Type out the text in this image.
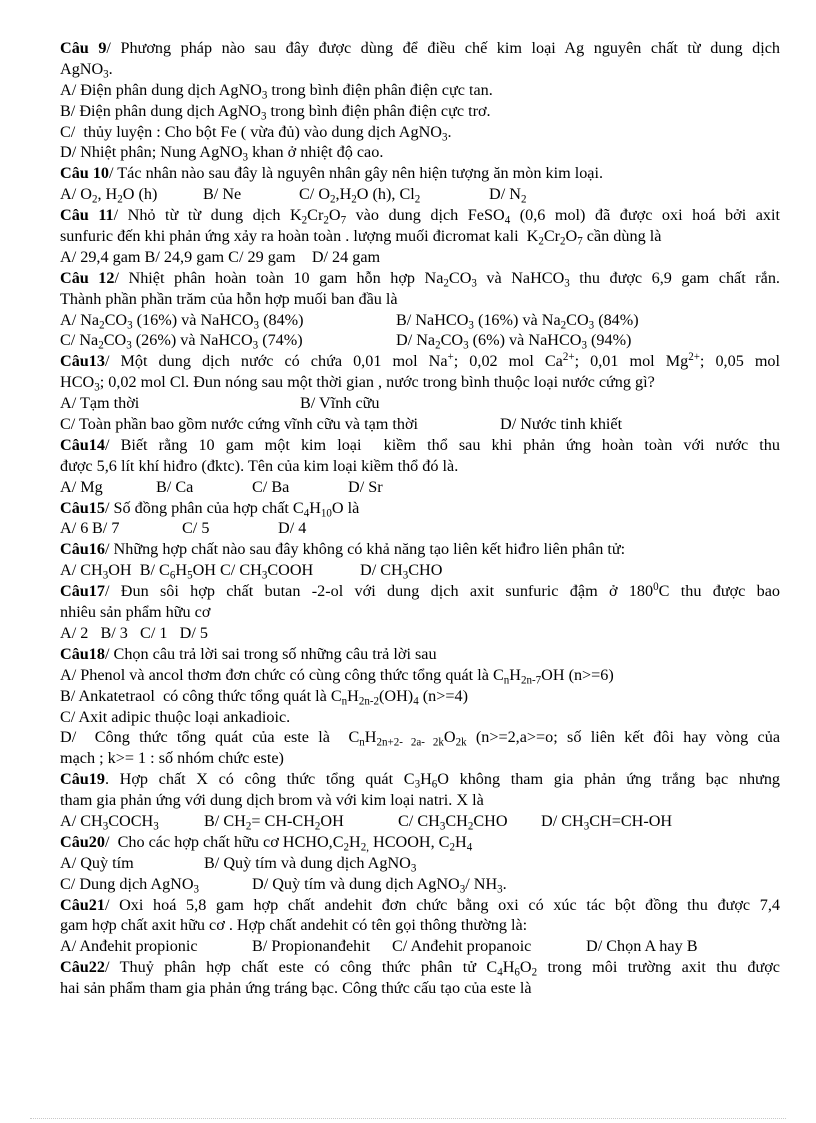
Câu 9/ Phương pháp nào sau đây được dùng để điều chế kim loại Ag nguyên chất từ dung dịch
AgNO$_3$.
A/ Điện phân dung dịch AgNO$_3$ trong bình điện phân điện cực tan.
B/ Điện phân dung dịch AgNO$_3$ trong bình điện phân điện cực trơ.
C/  thủy luyện : Cho bột Fe ( vừa đủ) vào dung dịch AgNO$_3$.
D/ Nhiệt phân; Nung AgNO$_3$ khan ở nhiệt độ cao.
Câu 10/ Tác nhân nào sau đây là nguyên nhân gây nên hiện tượng ăn mòn kim loại.
A/ $O_2$, $H_2O$ (h)	B/ Ne	C/ $O_2,H_2O$ (h), $Cl_2$	D/ $N_2$
Câu 11/ Nhỏ từ từ dung dịch $K_2Cr_2O_7$ vào dung dịch FeSO$_4$ (0,6 mol) đã được oxi hoá bởi axit
sunfuric đến khi phản ứng xảy ra hoàn toàn . lượng muối đicromat kali  $K_2Cr_2O_7$ cần dùng là
A/ 29,4 gam B/ 24,9 gam C/ 29 gam D/ 24 gam
Câu 12/ Nhiệt phân hoàn toàn 10 gam hỗn hợp $Na_2CO_3$ và NaHCO$_3$ thu được 6,9 gam chất rắn.
Thành phần phần trăm của hỗn hợp muối ban đầu là
A/ $Na_2CO_3$ (16%) và NaHCO$_3$ (84%)	B/ NaHCO$_3$ (16%) và $Na_2CO_3$ (84%)
C/ $Na_2CO_3$ (26%) và NaHCO$_3$ (74%)	D/ $Na_2CO_3$ (6%) và NaHCO$_3$ (94%)
Câu13/ Một dung dịch nước có chứa 0,01 mol Na+; 0,02 mol $Ca^{2+}$; 0,01 mol $Mg^{2+}$; 0,05 mol
$HCO_3$; 0,02 mol Cl. Đun nóng sau một thời gian , nước trong bình thuộc loại nước cứng gì?
A/ Tạm thời	B/ Vĩnh cữu
C/ Toàn phần bao gồm nước cứng vĩnh cữu và tạm thời	D/ Nước tinh khiết
Câu14/ Biết rằng 10 gam một kim loại  kiềm thổ sau khi phản ứng hoàn toàn với nước thu
được 5,6 lít khí hiđro (đktc). Tên của kim loại kiềm thổ đó là.
A/ Mg	B/ Ca	C/ Ba	D/ Sr
Câu15/ Số đồng phân của hợp chất $C_4H_{10}O$ là
A/ 6 B/ 7	C/ 5	D/ 4
Câu16/ Những hợp chất nào sau đây không có khả năng tạo liên kết hiđro liên phân tử:
A/ $CH_3OH$ B/ $C_6H_5OH$ C/ $CH_3COOH$	D/ $CH_3CHO$
Câu17/ Đun sôi hợp chất butan -2-ol với dung dịch axit sunfuric đậm ở $180^0C$ thu được bao
nhiêu sản phẩm hữu cơ
A/ 2 B/ 3 C/ 1 D/ 5
Câu18/ Chọn câu trả lời sai trong số những câu trả lời sau
A/ Phenol và ancol thơm đơn chức có cùng công thức tổng quát là $C_nH_{2n-7}OH$ (n>=6)
B/ Ankatetraol  có công thức tổng quát là $C_nH_{2n-2}(OH)_4$ (n>=4)
C/ Axit adipic thuộc loại ankadioic.
D/  Công thức tổng quát của este là  $C_nH_{2n+2- 2a- 2k}O_{2k}$ (n>=2,a>=o; số liên kết đôi hay vòng của
mạch ; k>= 1 : số nhóm chức este)
Câu19. Hợp chất X có công thức tổng quát $C_3H_6O$ không tham gia phản ứng trắng bạc nhưng
tham gia phản ứng với dung dịch brom và với kim loại natri. X là
A/ $CH_3COCH_3$	B/ $CH_2= CH-CH_2OH$	C/ $CH_3CH_2CHO$ D/ $CH_3CH=CH-OH$
Câu20/  Cho các hợp chất hữu cơ $HCHO,C_2H_{2,}$ HCOOH, $C_2H_4$
A/ Quỳ tím	B/ Quỳ tím và dung dịch AgNO$_3$
C/ Dung dịch AgNO$_3$	D/ Quỳ tím và dung dịch AgNO$_3$/ $NH_3$.
Câu21/ Oxi hoá 5,8 gam hợp chất andehit đơn chức bằng oxi có xúc tác bột đồng thu được 7,4
gam hợp chất axit hữu cơ . Hợp chất andehit có tên gọi thông thường là:
A/ Anđehit propionic	B/ Propionanđehit C/ Anđehit propanoic	D/ Chọn A hay B
Câu22/ Thuỷ phân hợp chất este có công thức phân tử $C_4H_6O_2$ trong môi trường axit thu được
hai sản phẩm tham gia phản ứng tráng bạc. Công thức cấu tạo của este là
